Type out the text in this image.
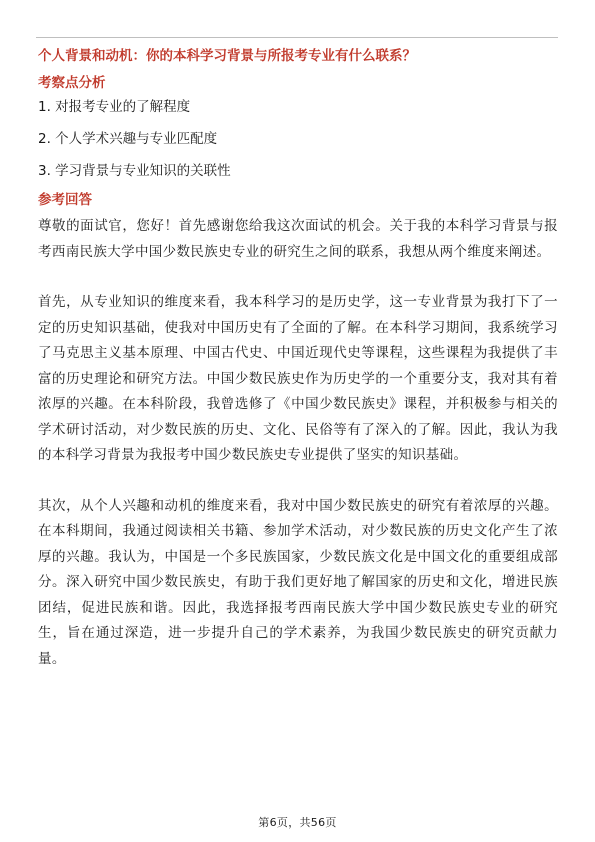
个人背景和动机：你的本科学习背景与所报考专业有什么联系？

考察点分析

1. 对报考专业的了解程度

2. 个人学术兴趣与专业匹配度

3. 学习背景与专业知识的关联性

参考回答

尊敬的面试官，您好！首先感谢您给我这次面试的机会。关于我的本科学习背景与报考西南民族大学中国少数民族史专业的研究生之间的联系，我想从两个维度来阐述。

首先，从专业知识的维度来看，我本科学习的是历史学，这一专业背景为我打下了一定的历史知识基础，使我对中国历史有了全面的了解。在本科学习期间，我系统学习了马克思主义基本原理、中国古代史、中国近现代史等课程，这些课程为我提供了丰富的历史理论和研究方法。中国少数民族史作为历史学的一个重要分支，我对其有着浓厚的兴趣。在本科阶段，我曾选修了《中国少数民族史》课程，并积极参与相关的学术研讨活动，对少数民族的历史、文化、民俗等有了深入的了解。因此，我认为我的本科学习背景为我报考中国少数民族史专业提供了坚实的知识基础。

其次，从个人兴趣和动机的维度来看，我对中国少数民族史的研究有着浓厚的兴趣。在本科期间，我通过阅读相关书籍、参加学术活动，对少数民族的历史文化产生了浓厚的兴趣。我认为，中国是一个多民族国家，少数民族文化是中国文化的重要组成部分。深入研究中国少数民族史，有助于我们更好地了解国家的历史和文化，增进民族团结，促进民族和谐。因此，我选择报考西南民族大学中国少数民族史专业的研究生，旨在通过深造，进一步提升自己的学术素养，为我国少数民族史的研究贡献力量。

第6页，共56页
